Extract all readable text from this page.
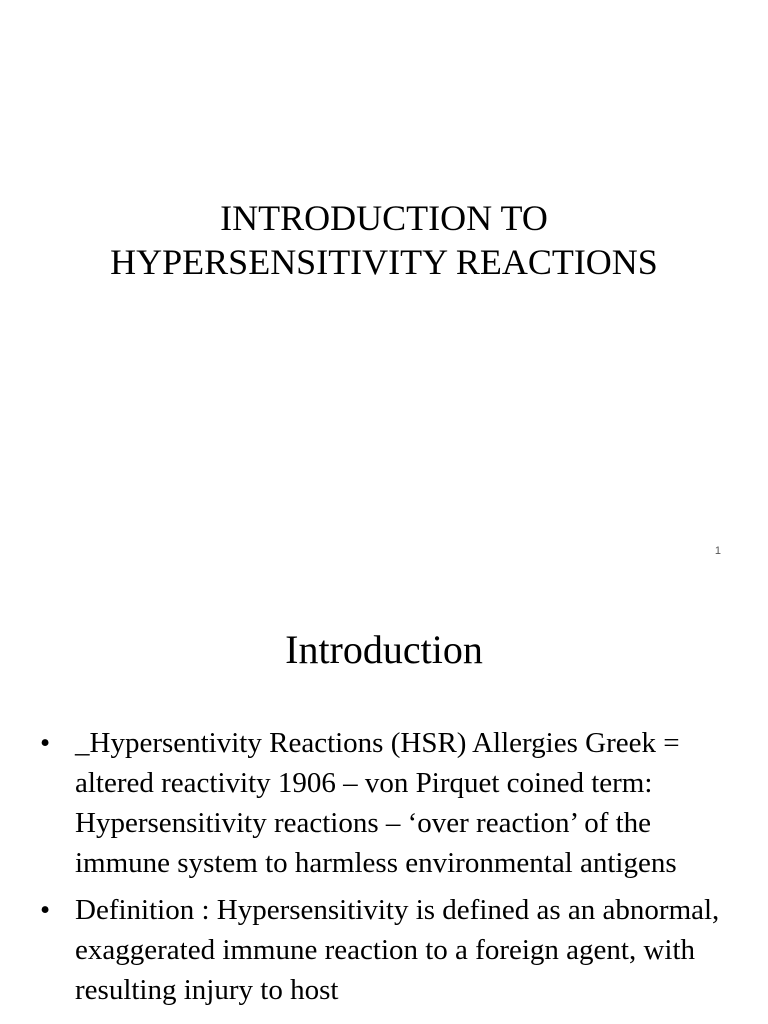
INTRODUCTION TO
HYPERSENSITIVITY REACTIONS
1
Introduction
• _Hypersentivity Reactions (HSR) Allergies Greek = altered reactivity 1906 – von Pirquet coined term: Hypersensitivity reactions – ‘over reaction’ of the immune system to harmless environmental antigens
• Definition : Hypersensitivity is defined as an abnormal, exaggerated immune reaction to a foreign agent, with resulting injury to host
